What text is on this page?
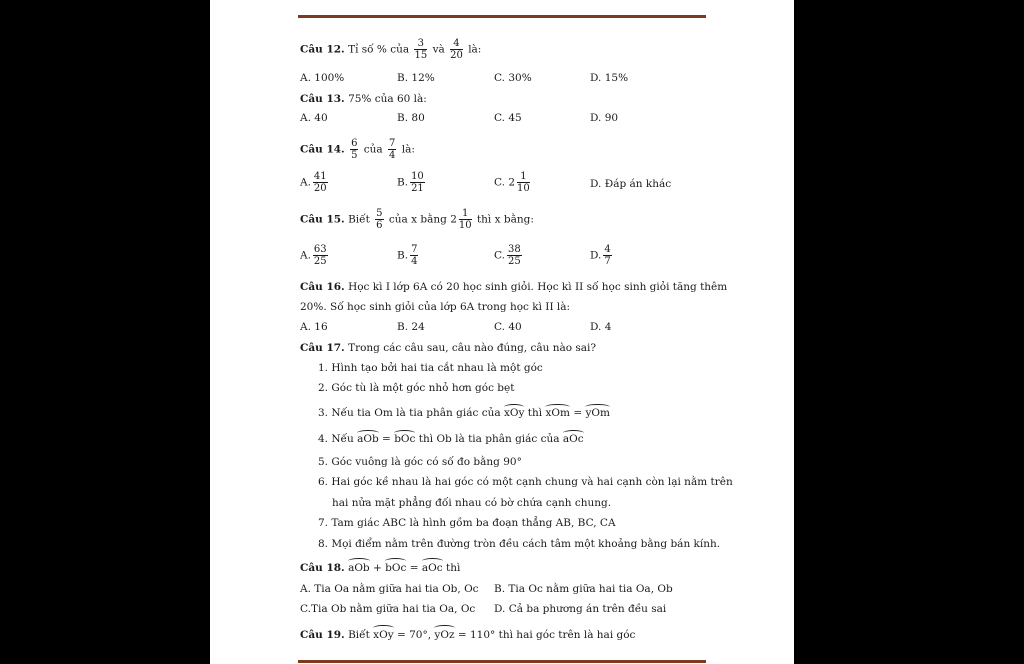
Câu 12. Tỉ số % của $\frac{3}{15}$ và $\frac{4}{20}$ là:
A. 100%	B. 12%	C. 30%	D. 15%
Câu 13. 75% của 60 là:
A. 40	B. 80	C. 45	D. 90
Câu 14. $\frac{6}{5}$ của $\frac{7}{4}$ là:
A. $\frac{41}{20}$	B. $\frac{10}{21}$	C. $2 \frac{1}{10}$	D. Đáp án khác
Câu 15. Biết $\frac{5}{6}$ của x bằng $2 \frac{1}{10}$ thì x bằng:
A. $\frac{63}{25}$	B. $\frac{7}{4}$	C. $\frac{38}{25}$	D. $\frac{4}{7}$
Câu 16. Học kì I lớp 6A có 20 học sinh giỏi. Học kì II số học sinh giỏi tăng thêm
20%. Số học sinh giỏi của lớp 6A trong học kì II là:
A. 16	B. 24	C. 40	D. 4
Câu 17. Trong các câu sau, câu nào đúng, câu nào sai?
1. Hình tạo bởi hai tia cắt nhau là một góc
2. Góc tù là một góc nhỏ hơn góc bẹt
3. Nếu tia Om là tia phân giác của xOy thì xOm = yOm
4. Nếu aOb = bOc thì Ob là tia phân giác của aOc
5. Góc vuông là góc có số đo bằng 90°
6. Hai góc kề nhau là hai góc có một cạnh chung và hai cạnh còn lại nằm trên
hai nửa mặt phẳng đối nhau có bờ chứa cạnh chung.
7. Tam giác ABC là hình gồm ba đoạn thẳng AB, BC, CA
8. Mọi điểm nằm trên đường tròn đều cách tâm một khoảng bằng bán kính.
Câu 18. aOb + bOc = aOc thì
A. Tia Oa nằm giữa hai tia Ob, Oc B. Tia Oc nằm giữa hai tia Oa, Ob
C.Tia Ob nằm giữa hai tia Oa, Oc D. Cả ba phương án trên đều sai
Câu 19. Biết xOy = 70°, yOz = 110° thì hai góc trên là hai góc
